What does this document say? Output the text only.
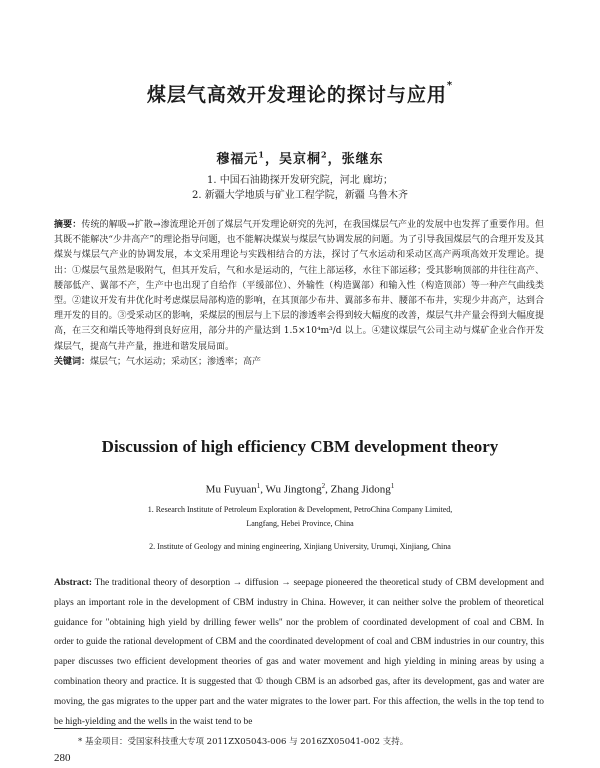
煤层气高效开发理论的探讨与应用*
穆福元$^1$，吴京桐$^2$，张继东
1. 中国石油勘探开发研究院，河北 廊坊；
2. 新疆大学地质与矿业工程学院，新疆 乌鲁木齐
摘要：传统的解吸→扩散→渗流理论开创了煤层气开发理论研究的先河，在我国煤层气产业的发展中也发挥了重要作用。但其既不能解决“少井高产”的理论指导问题，也不能解决煤炭与煤层气协调发展的问题。为了引导我国煤层气的合理开发及其煤炭与煤层气产业的协调发展，本文采用理论与实践相结合的方法，探讨了气水运动和采动区高产两项高效开发理论。提出：①煤层气虽然是吸附气，但其开发后，气和水是运动的，气往上部运移，水往下部运移；受其影响顶部的井往往高产、腰部低产、翼部不产，生产中也出现了自给作（平缓部位）、外输性（构造翼部）和输入性（构造顶部）等一种产气曲线类型。②建议开发有井优化时考虑煤层局部构造的影响，在其顶部少布井、翼部多布井、腰部不布井，实现少井高产，达到合理开发的目的。③受采动区的影响，采煤层的围层与上下层的渗透率会得到较大幅度的改善，煤层气井产量会得到大幅度提高，在三交和端氏等地得到良好应用，部分井的产量达到 1.5×10⁴m³/d 以上。④建议煤层气公司主动与煤矿企业合作开发煤层气，提高气井产量，推进和谐发展局面。
关键词：煤层气；气水运动；采动区；渗透率；高产
Discussion of high efficiency CBM development theory
Mu Fuyuan$^1$, Wu Jingtong$^2$, Zhang Jidong$^1$
1. Research Institute of Petroleum Exploration & Development, PetroChina Company Limited,
Langfang, Hebei Province, China
2. Institute of Geology and mining engineering, Xinjiang University, Urumqi, Xinjiang, China
Abstract: The traditional theory of desorption → diffusion → seepage pioneered the theoretical study of CBM development and plays an important role in the development of CBM industry in China. However, it can neither solve the problem of theoretical guidance for "obtaining high yield by drilling fewer wells" nor the problem of coordinated development of coal and CBM. In order to guide the rational development of CBM and the coordinated development of coal and CBM industries in our country, this paper discusses two efficient development theories of gas and water movement and high yielding in mining areas by using a combination theory and practice. It is suggested that ① though CBM is an adsorbed gas, after its development, gas and water are moving, the gas migrates to the upper part and the water migrates to the lower part. For this affection, the wells in the top tend to be high-yielding and the wells in the waist tend to be
* 基金项目：受国家科技重大专项 2011ZX05043-006 与 2016ZX05041-002 支持。
280
